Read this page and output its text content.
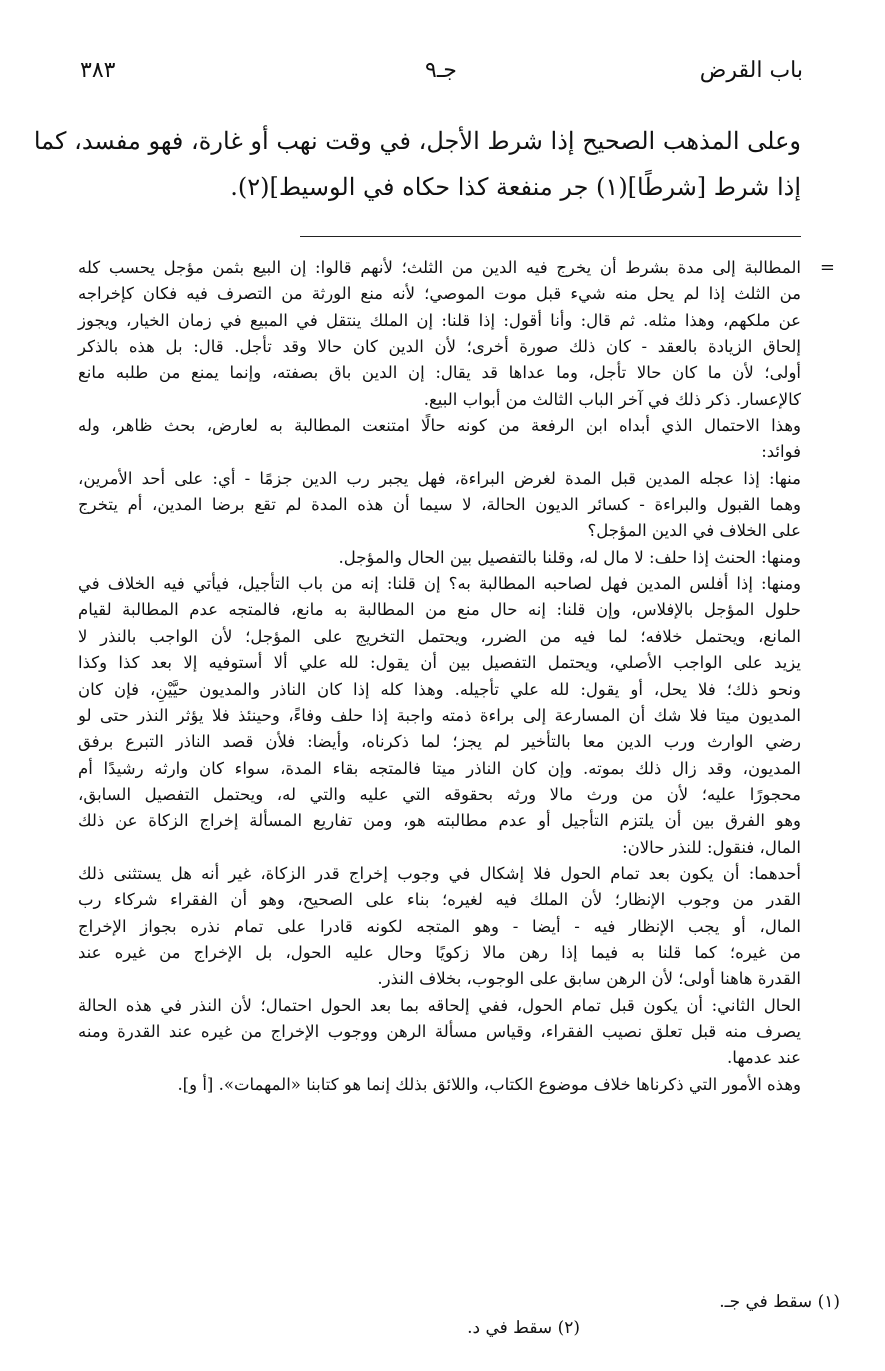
باب القرض
جـ٩
٣٨٣
وعلى المذهب الصحيح إذا شرط الأجل، في وقت نهب أو غارة، فهو مفسد، كما
إذا شرط [شرطًا](١) جر منفعة كذا حكاه في الوسيط](٢).
=
المطالبة إلى مدة بشرط أن يخرج فيه الدين من الثلث؛ لأنهم قالوا: إن البيع بثمن مؤجل يحسب كله
من الثلث إذا لم يحل منه شيء قبل موت الموصي؛ لأنه منع الورثة من التصرف فيه فكان كإخراجه
عن ملكهم، وهذا مثله. ثم قال: وأنا أقول: إذا قلنا: إن الملك ينتقل في المبيع في زمان الخيار، ويجوز
إلحاق الزيادة بالعقد - كان ذلك صورة أخرى؛ لأن الدين كان حالا وقد تأجل. قال: بل هذه بالذكر
أولى؛ لأن ما كان حالا تأجل، وما عداها قد يقال: إن الدين باق بصفته، وإنما يمنع من طلبه مانع
كالإعسار. ذكر ذلك في آخر الباب الثالث من أبواب البيع.
وهذا الاحتمال الذي أبداه ابن الرفعة من كونه حالًا امتنعت المطالبة به لعارض، بحث ظاهر، وله
فوائد:
منها: إذا عجله المدين قبل المدة لغرض البراءة، فهل يجبر رب الدين جزمًا - أي: على أحد الأمرين،
وهما القبول والبراءة - كسائر الديون الحالة، لا سيما أن هذه المدة لم تقع برضا المدين، أم يتخرج
على الخلاف في الدين المؤجل؟
ومنها: الحنث إذا حلف: لا مال له، وقلنا بالتفصيل بين الحال والمؤجل.
ومنها: إذا أفلس المدين فهل لصاحبه المطالبة به؟ إن قلنا: إنه من باب التأجيل، فيأتي فيه الخلاف في
حلول المؤجل بالإفلاس، وإن قلنا: إنه حال منع من المطالبة به مانع، فالمتجه عدم المطالبة لقيام
المانع، ويحتمل خلافه؛ لما فيه من الضرر، ويحتمل التخريج على المؤجل؛ لأن الواجب بالنذر لا
يزيد على الواجب الأصلي، ويحتمل التفصيل بين أن يقول: لله علي ألا أستوفيه إلا بعد كذا وكذا
ونحو ذلك؛ فلا يحل، أو يقول: لله علي تأجيله. وهذا كله إذا كان الناذر والمديون حيَّيْنِ، فإن كان
المديون ميتا فلا شك أن المسارعة إلى براءة ذمته واجبة إذا حلف وفاءً، وحينئذ فلا يؤثر النذر حتى لو
رضي الوارث ورب الدين معا بالتأخير لم يجز؛ لما ذكرناه، وأيضا: فلأن قصد الناذر التبرع برفق
المديون، وقد زال ذلك بموته. وإن كان الناذر ميتا فالمتجه بقاء المدة، سواء كان وارثه رشيدًا أم
محجورًا عليه؛ لأن من ورث مالا ورثه بحقوقه التي عليه والتي له، ويحتمل التفصيل السابق،
وهو الفرق بين أن يلتزم التأجيل أو عدم مطالبته هو، ومن تفاريع المسألة إخراج الزكاة عن ذلك
المال، فنقول: للنذر حالان:
أحدهما: أن يكون بعد تمام الحول فلا إشكال في وجوب إخراج قدر الزكاة، غير أنه هل يستثنى ذلك
القدر من وجوب الإنظار؛ لأن الملك فيه لغيره؛ بناء على الصحيح، وهو أن الفقراء شركاء رب
المال، أو يجب الإنظار فيه - أيضا - وهو المتجه لكونه قادرا على تمام نذره بجواز الإخراج
من غيره؛ كما قلنا به فيما إذا رهن مالا زكويًا وحال عليه الحول، بل الإخراج من غيره عند
القدرة هاهنا أولى؛ لأن الرهن سابق على الوجوب، بخلاف النذر.
الحال الثاني: أن يكون قبل تمام الحول، ففي إلحاقه بما بعد الحول احتمال؛ لأن النذر في هذه الحالة
يصرف منه قبل تعلق نصيب الفقراء، وقياس مسألة الرهن ووجوب الإخراج من غيره عند القدرة ومنه
عند عدمها.
وهذه الأمور التي ذكرناها خلاف موضوع الكتاب، واللائق بذلك إنما هو كتابنا «المهمات». [أ و].
(١) سقط في جـ.
(٢) سقط في د.
